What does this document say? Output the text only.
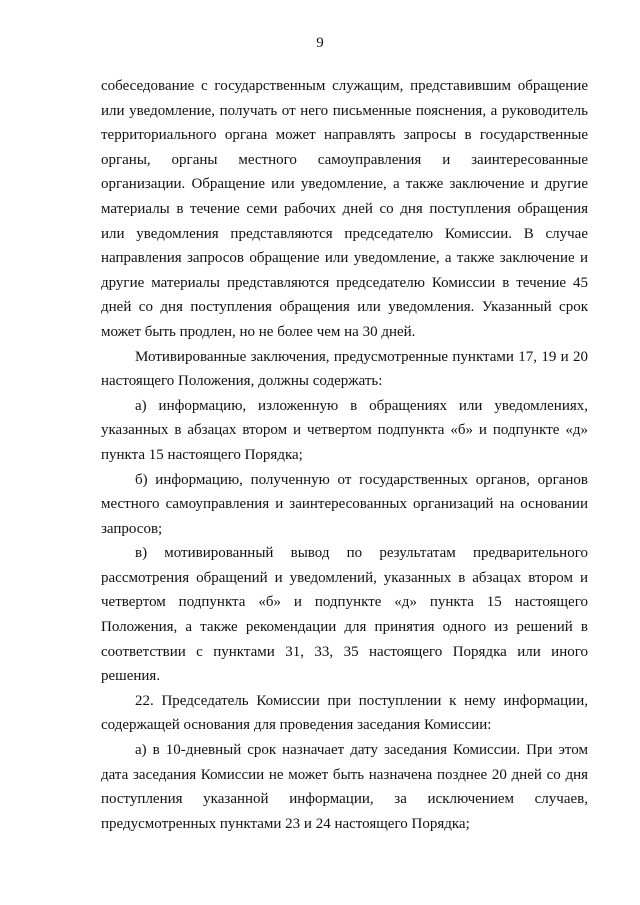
9

собеседование с государственным служащим, представившим обращение или уведомление, получать от него письменные пояснения, а руководитель территориального органа может направлять запросы в государственные органы, органы местного самоуправления и заинтересованные организации. Обращение или уведомление, а также заключение и другие материалы в течение семи рабочих дней со дня поступления обращения или уведомления представляются председателю Комиссии. В случае направления запросов обращение или уведомление, а также заключение и другие материалы представляются председателю Комиссии в течение 45 дней со дня поступления обращения или уведомления. Указанный срок может быть продлен, но не более чем на 30 дней.

Мотивированные заключения, предусмотренные пунктами 17, 19 и 20 настоящего Положения, должны содержать:

а) информацию, изложенную в обращениях или уведомлениях, указанных в абзацах втором и четвертом подпункта «б» и подпункте «д» пункта 15 настоящего Порядка;

б) информацию, полученную от государственных органов, органов местного самоуправления и заинтересованных организаций на основании запросов;

в) мотивированный вывод по результатам предварительного рассмотрения обращений и уведомлений, указанных в абзацах втором и четвертом подпункта «б» и подпункте «д» пункта 15 настоящего Положения, а также рекомендации для принятия одного из решений в соответствии с пунктами 31, 33, 35 настоящего Порядка или иного решения.

22. Председатель Комиссии при поступлении к нему информации, содержащей основания для проведения заседания Комиссии:

а) в 10-дневный срок назначает дату заседания Комиссии. При этом дата заседания Комиссии не может быть назначена позднее 20 дней со дня поступления указанной информации, за исключением случаев, предусмотренных пунктами 23 и 24 настоящего Порядка;
